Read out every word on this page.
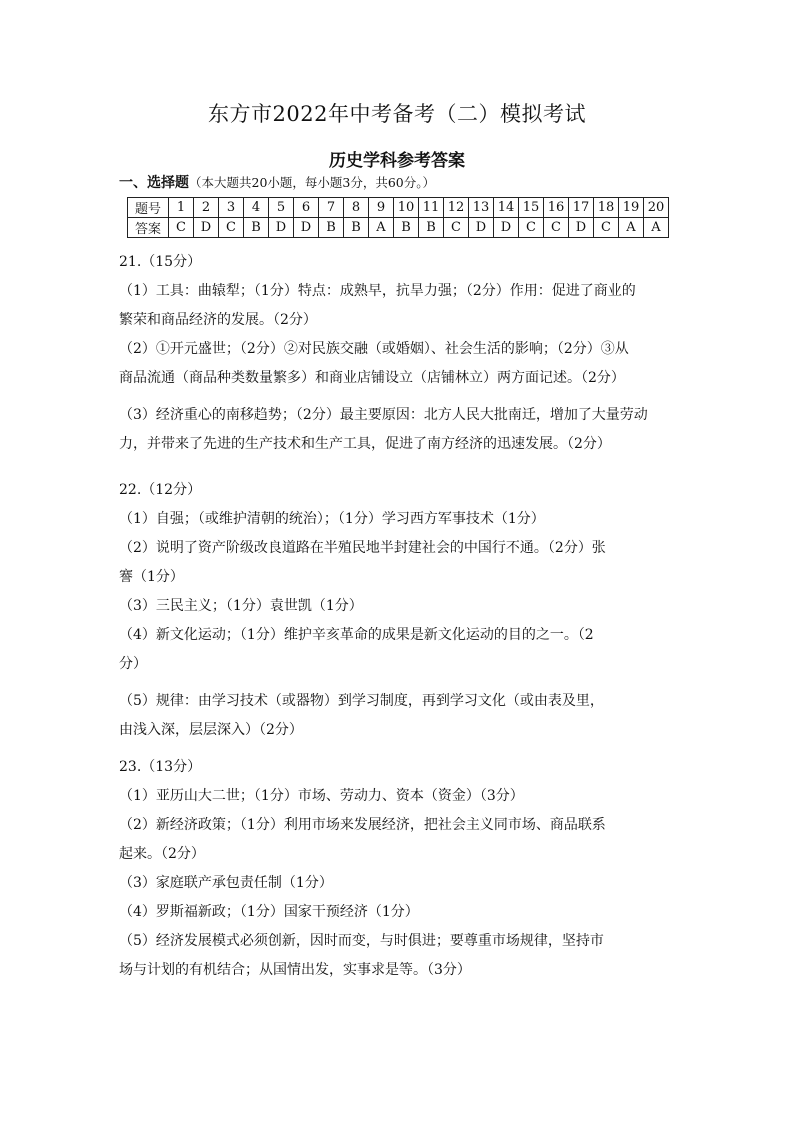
东方市2022年中考备考（二）模拟考试
历史学科参考答案
一、选择题（本大题共20小题，每小题3分，共60分。）
题号	1	2	3	4	5	6	7	8	9	10	11	12	13	14	15	16	17	18	19	20
答案	C	D	C	B	D	D	B	B	A	B	B	C	D	D	C	C	D	C	A	A

21.（15分）

（1）工具：曲辕犁；（1分）特点：成熟早，抗旱力强；（2分）作用：促进了商业的

繁荣和商品经济的发展。（2分）

（2）①开元盛世；（2分）②对民族交融（或婚姻）、社会生活的影响；（2分）③从

商品流通（商品种类数量繁多）和商业店铺设立（店铺林立）两方面记述。（2分）

（3）经济重心的南移趋势；（2分）最主要原因：北方人民大批南迁，增加了大量劳动

力，并带来了先进的生产技术和生产工具，促进了南方经济的迅速发展。（2分）

22.（12分）

（1）自强；（或维护清朝的统治）；（1分）学习西方军事技术（1分）

（2）说明了资产阶级改良道路在半殖民地半封建社会的中国行不通。（2分）张

謇（1分）

（3）三民主义；（1分）袁世凯（1分）

（4）新文化运动；（1分）维护辛亥革命的成果是新文化运动的目的之一。（2

分）

（5）规律：由学习技术（或器物）到学习制度，再到学习文化（或由表及里，

由浅入深，层层深入）（2分）

23.（13分）

（1）亚历山大二世；（1分）市场、劳动力、资本（资金）（3分）

（2）新经济政策；（1分）利用市场来发展经济，把社会主义同市场、商品联系

起来。（2分）

（3）家庭联产承包责任制（1分）

（4）罗斯福新政；（1分）国家干预经济（1分）

（5）经济发展模式必须创新，因时而变，与时俱进；要尊重市场规律，坚持市

场与计划的有机结合；从国情出发，实事求是等。（3分）
